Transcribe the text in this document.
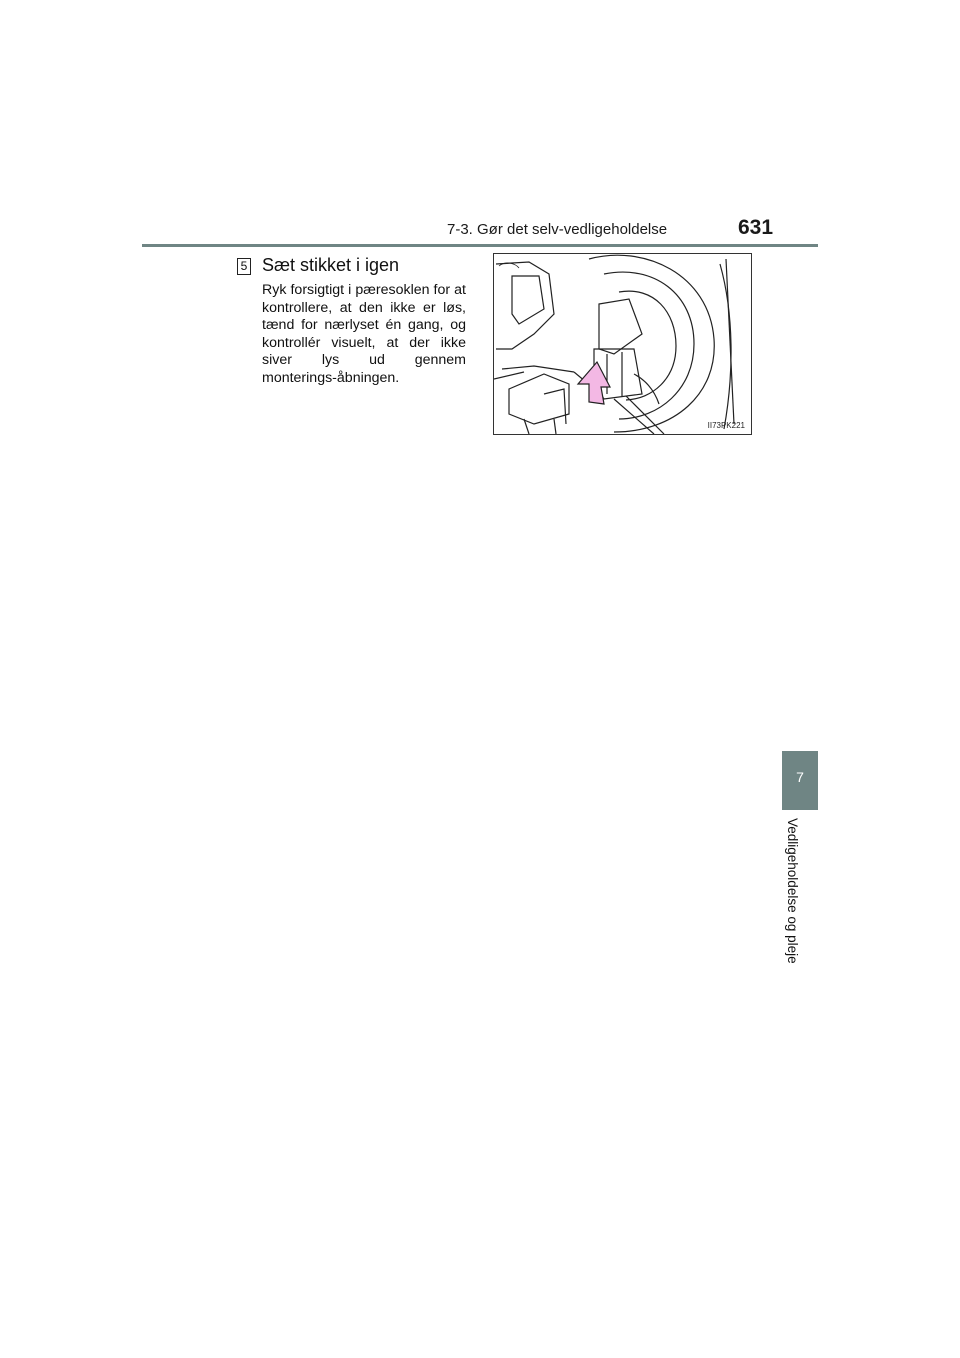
7-3. Gør det selv-vedligeholdelse	631
5 Sæt stikket i igen

Ryk forsigtigt i pæresoklen for at kontrollere, at den ikke er løs, tænd for nærlyset én gang, og kontrollér visuelt, at der ikke siver lys ud gennem monterings-åbningen.

II73PK221
7
Vedligeholdelse og pleje
